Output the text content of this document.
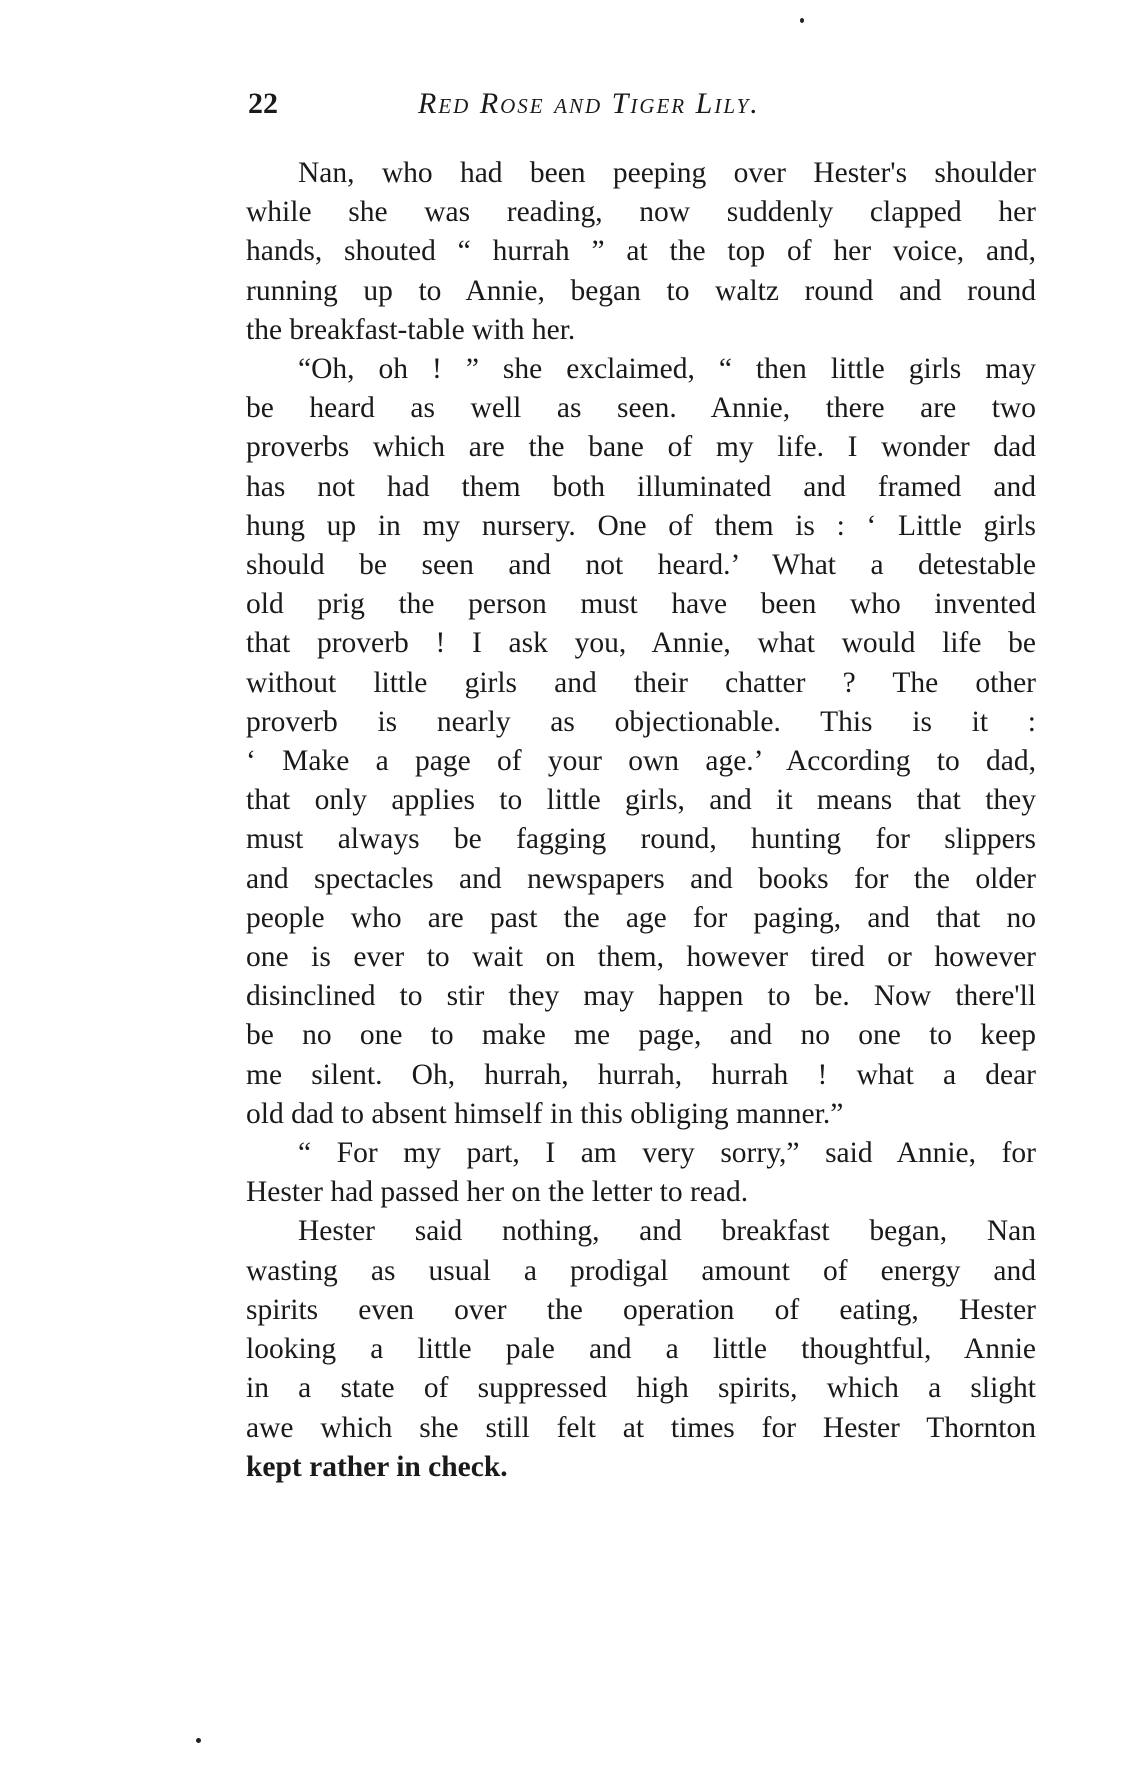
22	Red Rose and Tiger Lily.
Nan, who had been peeping over Hester's shoulder
while she was reading, now suddenly clapped her
hands, shouted “ hurrah ” at the top of her voice, and,
running up to Annie, began to waltz round and round
the breakfast-table with her.
“Oh, oh ! ” she exclaimed, “ then little girls may
be heard as well as seen. Annie, there are two
proverbs which are the bane of my life. I wonder dad
has not had them both illuminated and framed and
hung up in my nursery. One of them is : ‘ Little girls
should be seen and not heard.’ What a detestable
old prig the person must have been who invented
that proverb ! I ask you, Annie, what would life be
without little girls and their chatter ? The other
proverb is nearly as objectionable. This is it :
‘ Make a page of your own age.’ According to dad,
that only applies to little girls, and it means that they
must always be fagging round, hunting for slippers
and spectacles and newspapers and books for the older
people who are past the age for paging, and that no
one is ever to wait on them, however tired or however
disinclined to stir they may happen to be. Now there'll
be no one to make me page, and no one to keep
me silent. Oh, hurrah, hurrah, hurrah ! what a dear
old dad to absent himself in this obliging manner.”
“ For my part, I am very sorry,” said Annie, for
Hester had passed her on the letter to read.
Hester said nothing, and breakfast began, Nan
wasting as usual a prodigal amount of energy and
spirits even over the operation of eating, Hester
looking a little pale and a little thoughtful, Annie
in a state of suppressed high spirits, which a slight
awe which she still felt at times for Hester Thornton
kept rather in check.
